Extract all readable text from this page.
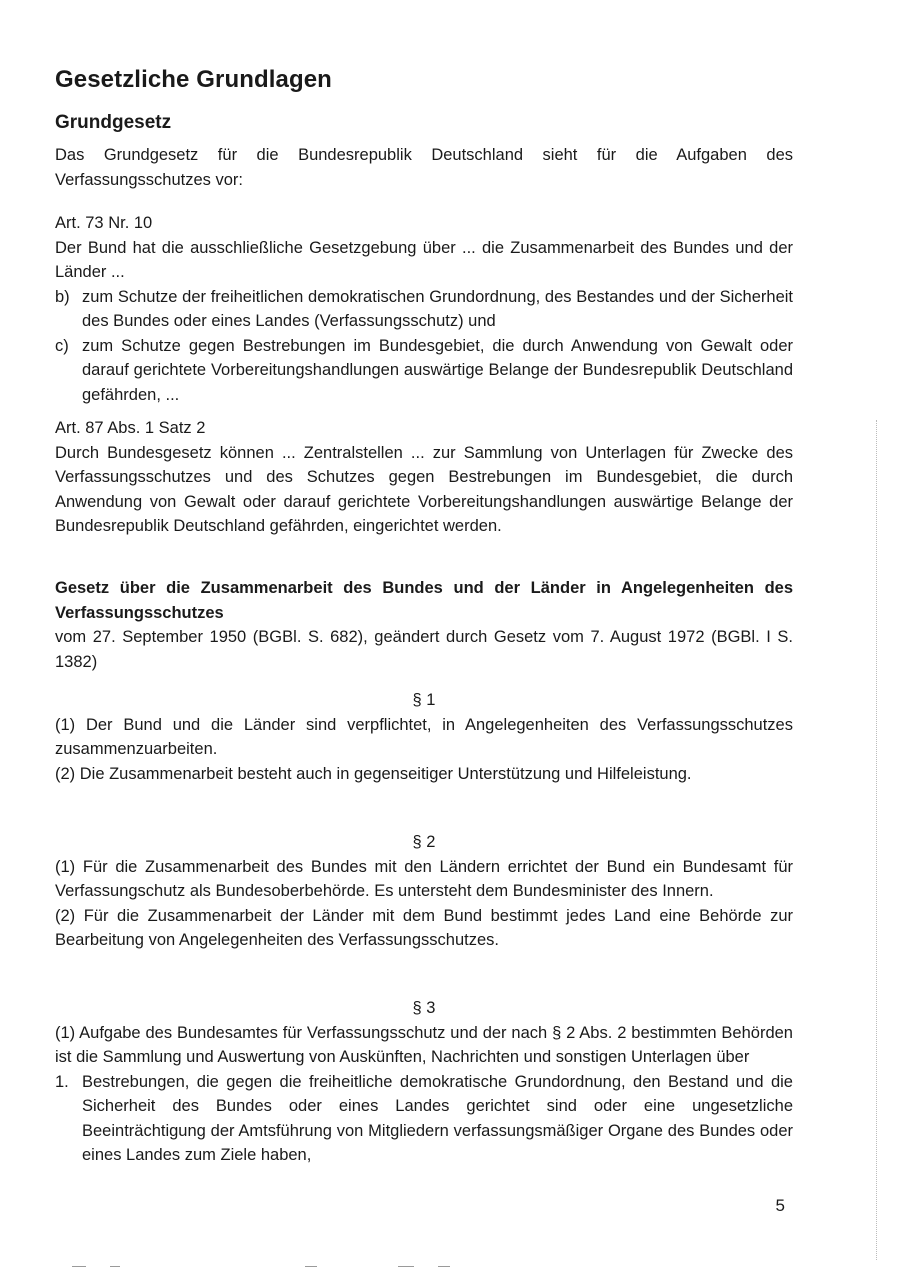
Gesetzliche Grundlagen
Grundgesetz

Das Grundgesetz für die Bundesrepublik Deutschland sieht für die Aufgaben des Verfassungsschutzes vor:

Art. 73 Nr. 10

Der Bund hat die ausschließliche Gesetzgebung über ... die Zusammenarbeit des Bundes und der Länder ...

b) zum Schutze der freiheitlichen demokratischen Grundordnung, des Bestandes und der Sicherheit des Bundes oder eines Landes (Verfassungsschutz) und
c) zum Schutze gegen Bestrebungen im Bundesgebiet, die durch Anwendung von Gewalt oder darauf gerichtete Vorbereitungshandlungen auswärtige Belange der Bundesrepublik Deutschland gefährden, ...

Art. 87 Abs. 1 Satz 2

Durch Bundesgesetz können ... Zentralstellen ... zur Sammlung von Unterlagen für Zwecke des Verfassungsschutzes und des Schutzes gegen Bestrebungen im Bundesgebiet, die durch Anwendung von Gewalt oder darauf gerichtete Vorbereitungshandlungen auswärtige Belange der Bundesrepublik Deutschland gefährden, eingerichtet werden.

Gesetz über die Zusammenarbeit des Bundes und der Länder in Angelegenheiten des Verfassungsschutzes

vom 27. September 1950 (BGBl. S. 682), geändert durch Gesetz vom 7. August 1972 (BGBl. I S. 1382)

§ 1

(1) Der Bund und die Länder sind verpflichtet, in Angelegenheiten des Verfassungsschutzes zusammenzuarbeiten.

(2) Die Zusammenarbeit besteht auch in gegenseitiger Unterstützung und Hilfeleistung.

§ 2

(1) Für die Zusammenarbeit des Bundes mit den Ländern errichtet der Bund ein Bundesamt für Verfassungschutz als Bundesoberbehörde. Es untersteht dem Bundesminister des Innern.

(2) Für die Zusammenarbeit der Länder mit dem Bund bestimmt jedes Land eine Behörde zur Bearbeitung von Angelegenheiten des Verfassungsschutzes.

§ 3

(1) Aufgabe des Bundesamtes für Verfassungsschutz und der nach § 2 Abs. 2 bestimmten Behörden ist die Sammlung und Auswertung von Auskünften, Nachrichten und sonstigen Unterlagen über

1. Bestrebungen, die gegen die freiheitliche demokratische Grundordnung, den Bestand und die Sicherheit des Bundes oder eines Landes gerichtet sind oder eine ungesetzliche Beeinträchtigung der Amtsführung von Mitgliedern verfassungsmäßiger Organe des Bundes oder eines Landes zum Ziele haben,
5
